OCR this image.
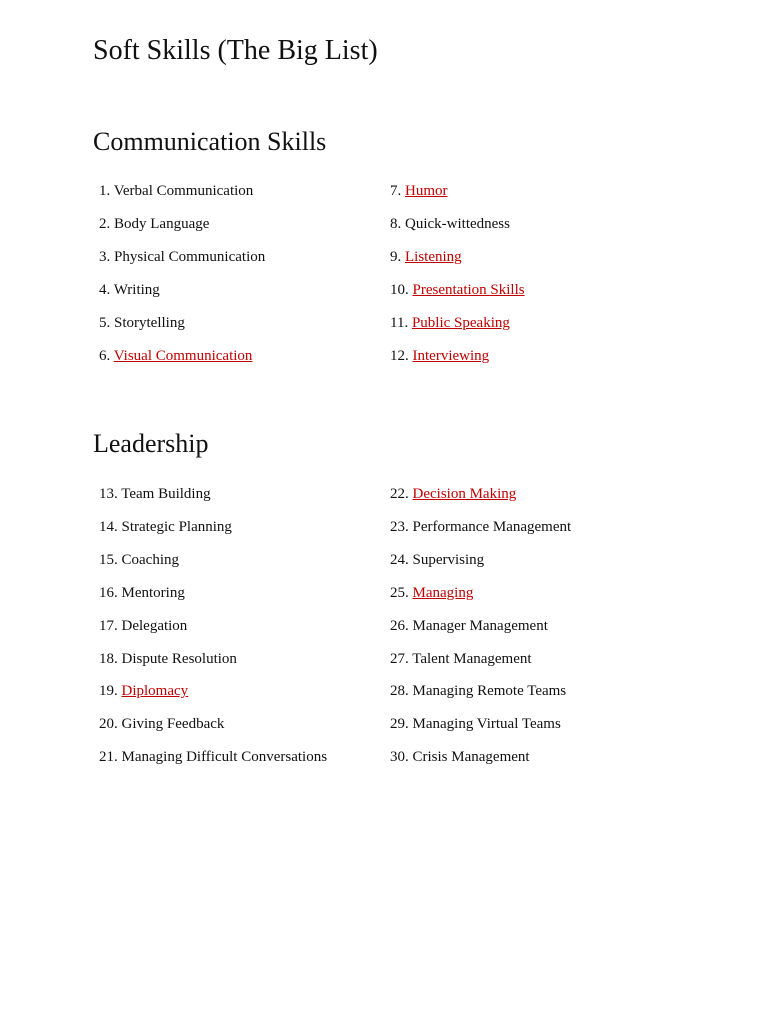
Soft Skills (The Big List)
Communication Skills
1. Verbal Communication
2. Body Language
3. Physical Communication
4. Writing
5. Storytelling
6. Visual Communication
7. Humor
8. Quick-wittedness
9. Listening
10. Presentation Skills
11. Public Speaking
12. Interviewing
Leadership
13. Team Building
14. Strategic Planning
15. Coaching
16. Mentoring
17. Delegation
18. Dispute Resolution
19. Diplomacy
20. Giving Feedback
21. Managing Difficult Conversations
22. Decision Making
23. Performance Management
24. Supervising
25. Managing
26. Manager Management
27. Talent Management
28. Managing Remote Teams
29. Managing Virtual Teams
30. Crisis Management
